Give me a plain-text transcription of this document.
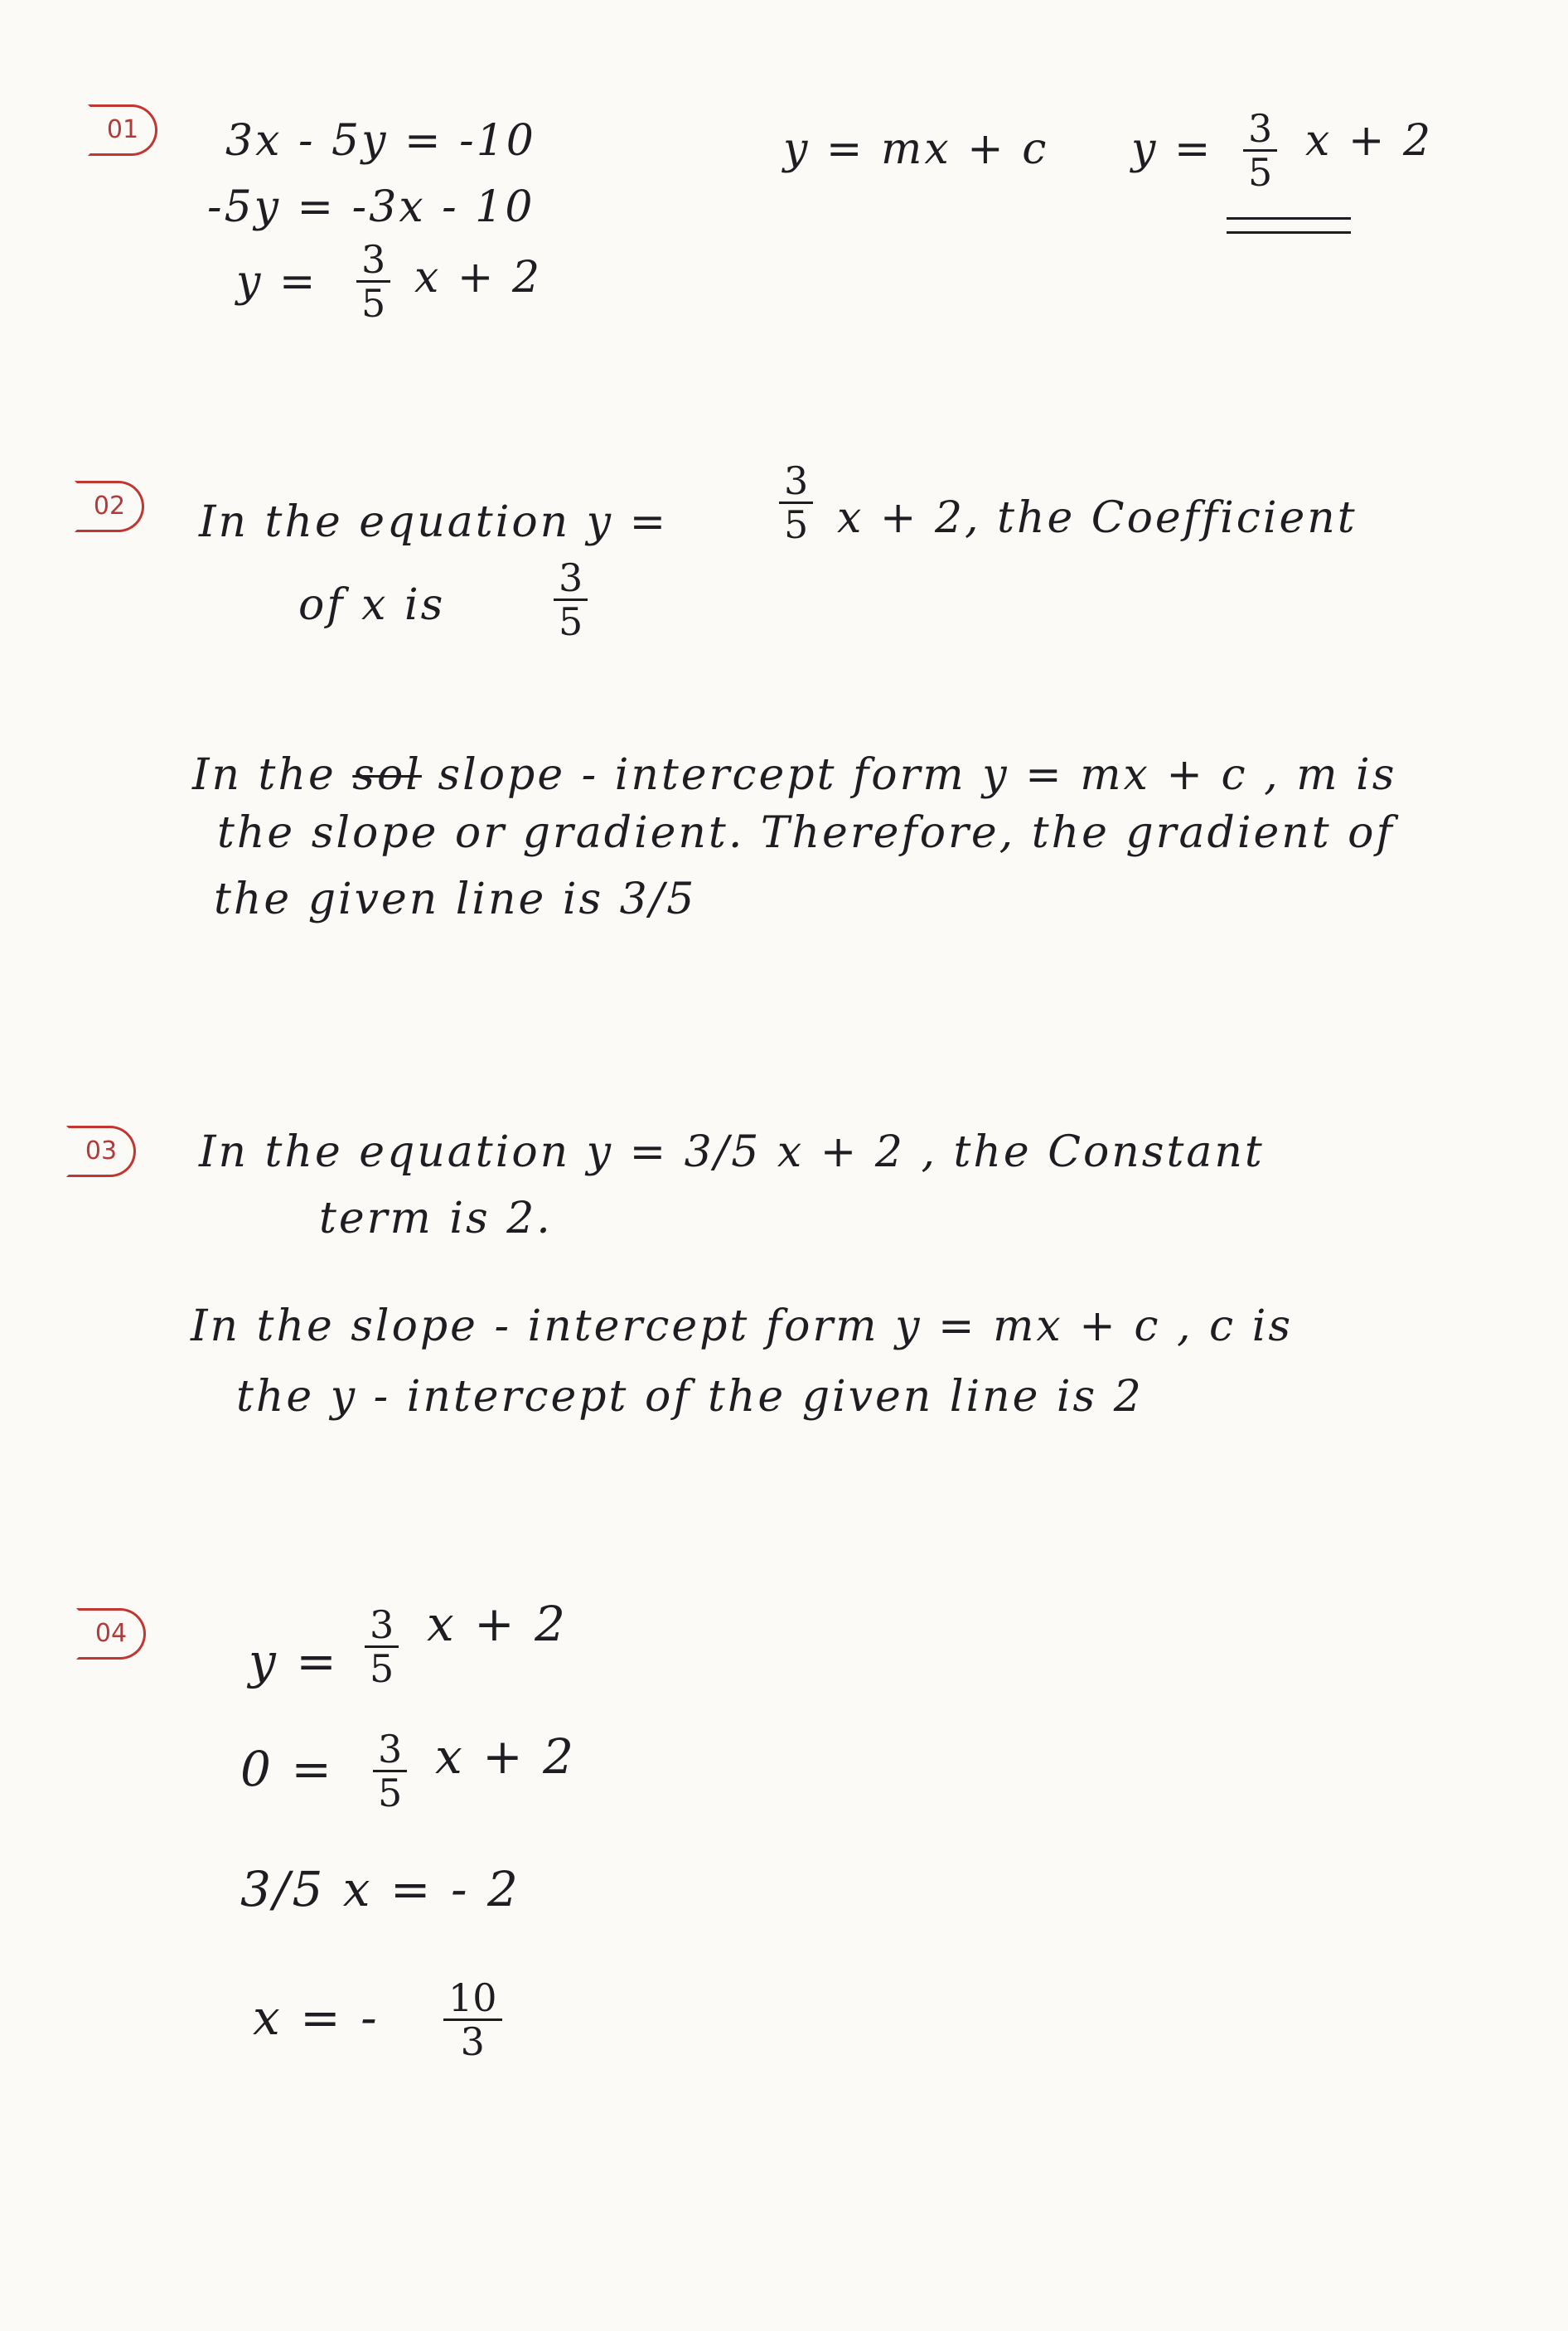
01	3x - 5y = -10
-5y = -3x - 10
$y = \frac{3}{5}$ x + 2
y = mx + c $y = \frac{3}{5}$ x + 2
02	In the equation y =	$\frac{3}{5}$ x + 2, the Coefficient
of x is	$\frac{3}{5}$
In the sol slope - intercept form y = mx + c , m is
the slope or gradient. Therefore, the gradient of
the given line is 3/5
03	In the equation y = 3/5 x + 2 , the Constant
term is 2.
In the slope - intercept form y = mx + c , c is
the y - intercept of the given line is 2
04	$y = \frac{3}{5}$ x + 2
$0 = \frac{3}{5}$ x + 2
3/5 x = - 2
x = - $\frac{10}{3}$
